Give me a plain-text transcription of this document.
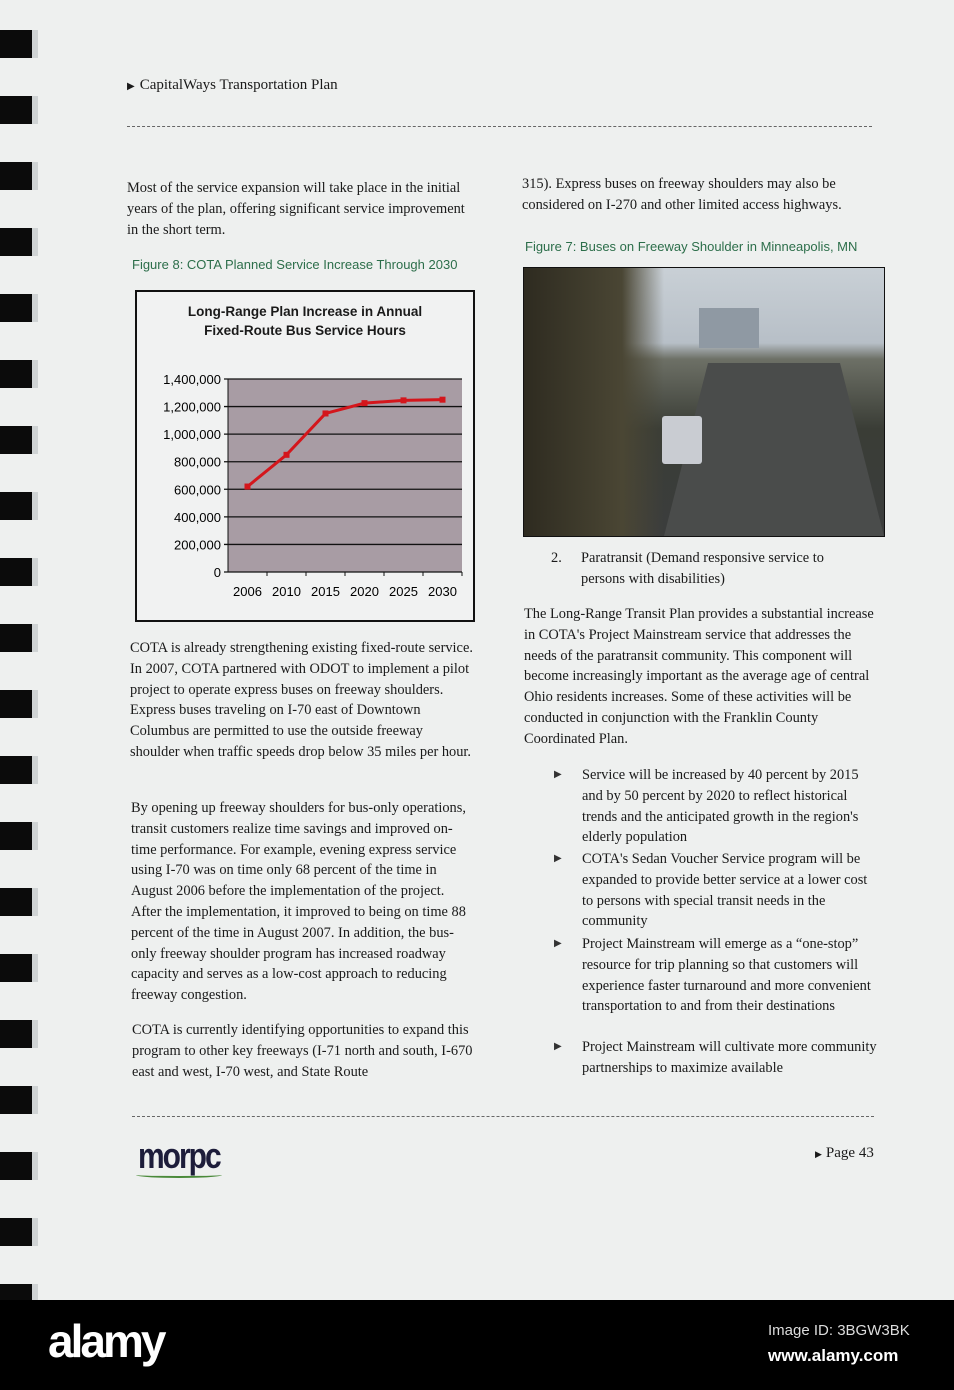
▶ CapitalWays Transportation Plan

Most of the service expansion will take place in the initial years of the plan, offering significant service improvement in the short term.

Figure 8: COTA Planned Service Increase Through 2030
Long-Range Plan Increase in Annual
Fixed-Route Bus Service Hours
0
200,000
400,000
600,000
800,000
1,000,000
1,200,000
1,400,000
2006 2010 2015 2020 2025 2030

COTA is already strengthening existing fixed-route service. In 2007, COTA partnered with ODOT to implement a pilot project to operate express buses on freeway shoulders. Express buses traveling on I-70 east of Downtown Columbus are permitted to use the outside freeway shoulder when traffic speeds drop below 35 miles per hour.

By opening up freeway shoulders for bus-only operations, transit customers realize time savings and improved on-time performance. For example, evening express service using I-70 was on time only 68 percent of the time in August 2006 before the implementation of the project. After the implementation, it improved to being on time 88 percent of the time in August 2007. In addition, the bus-only freeway shoulder program has increased roadway capacity and serves as a low-cost approach to reducing freeway congestion.

COTA is currently identifying opportunities to expand this program to other key freeways (I-71 north and south, I-670 east and west, I-70 west, and State Route

315). Express buses on freeway shoulders may also be considered on I-270 and other limited access highways.

Figure 7: Buses on Freeway Shoulder in Minneapolis, MN
2. Paratransit (Demand responsive service to persons with disabilities)

The Long-Range Transit Plan provides a substantial increase in COTA's Project Mainstream service that addresses the needs of the paratransit community. This component will become increasingly important as the average age of central Ohio residents increases. Some of these activities will be conducted in conjunction with the Franklin County Coordinated Plan.

▶ Service will be increased by 40 percent by 2015 and by 50 percent by 2020 to reflect historical trends and the anticipated growth in the region's elderly population

▶ COTA's Sedan Voucher Service program will be expanded to provide better service at a lower cost to persons with special transit needs in the community

▶ Project Mainstream will emerge as a “one-stop” resource for trip planning so that customers will experience faster turnaround and more convenient transportation to and from their destinations

▶ Project Mainstream will cultivate more community partnerships to maximize available

morpc	▶ Page 43
alamy	Image ID: 3BGW3BK
www.alamy.com
